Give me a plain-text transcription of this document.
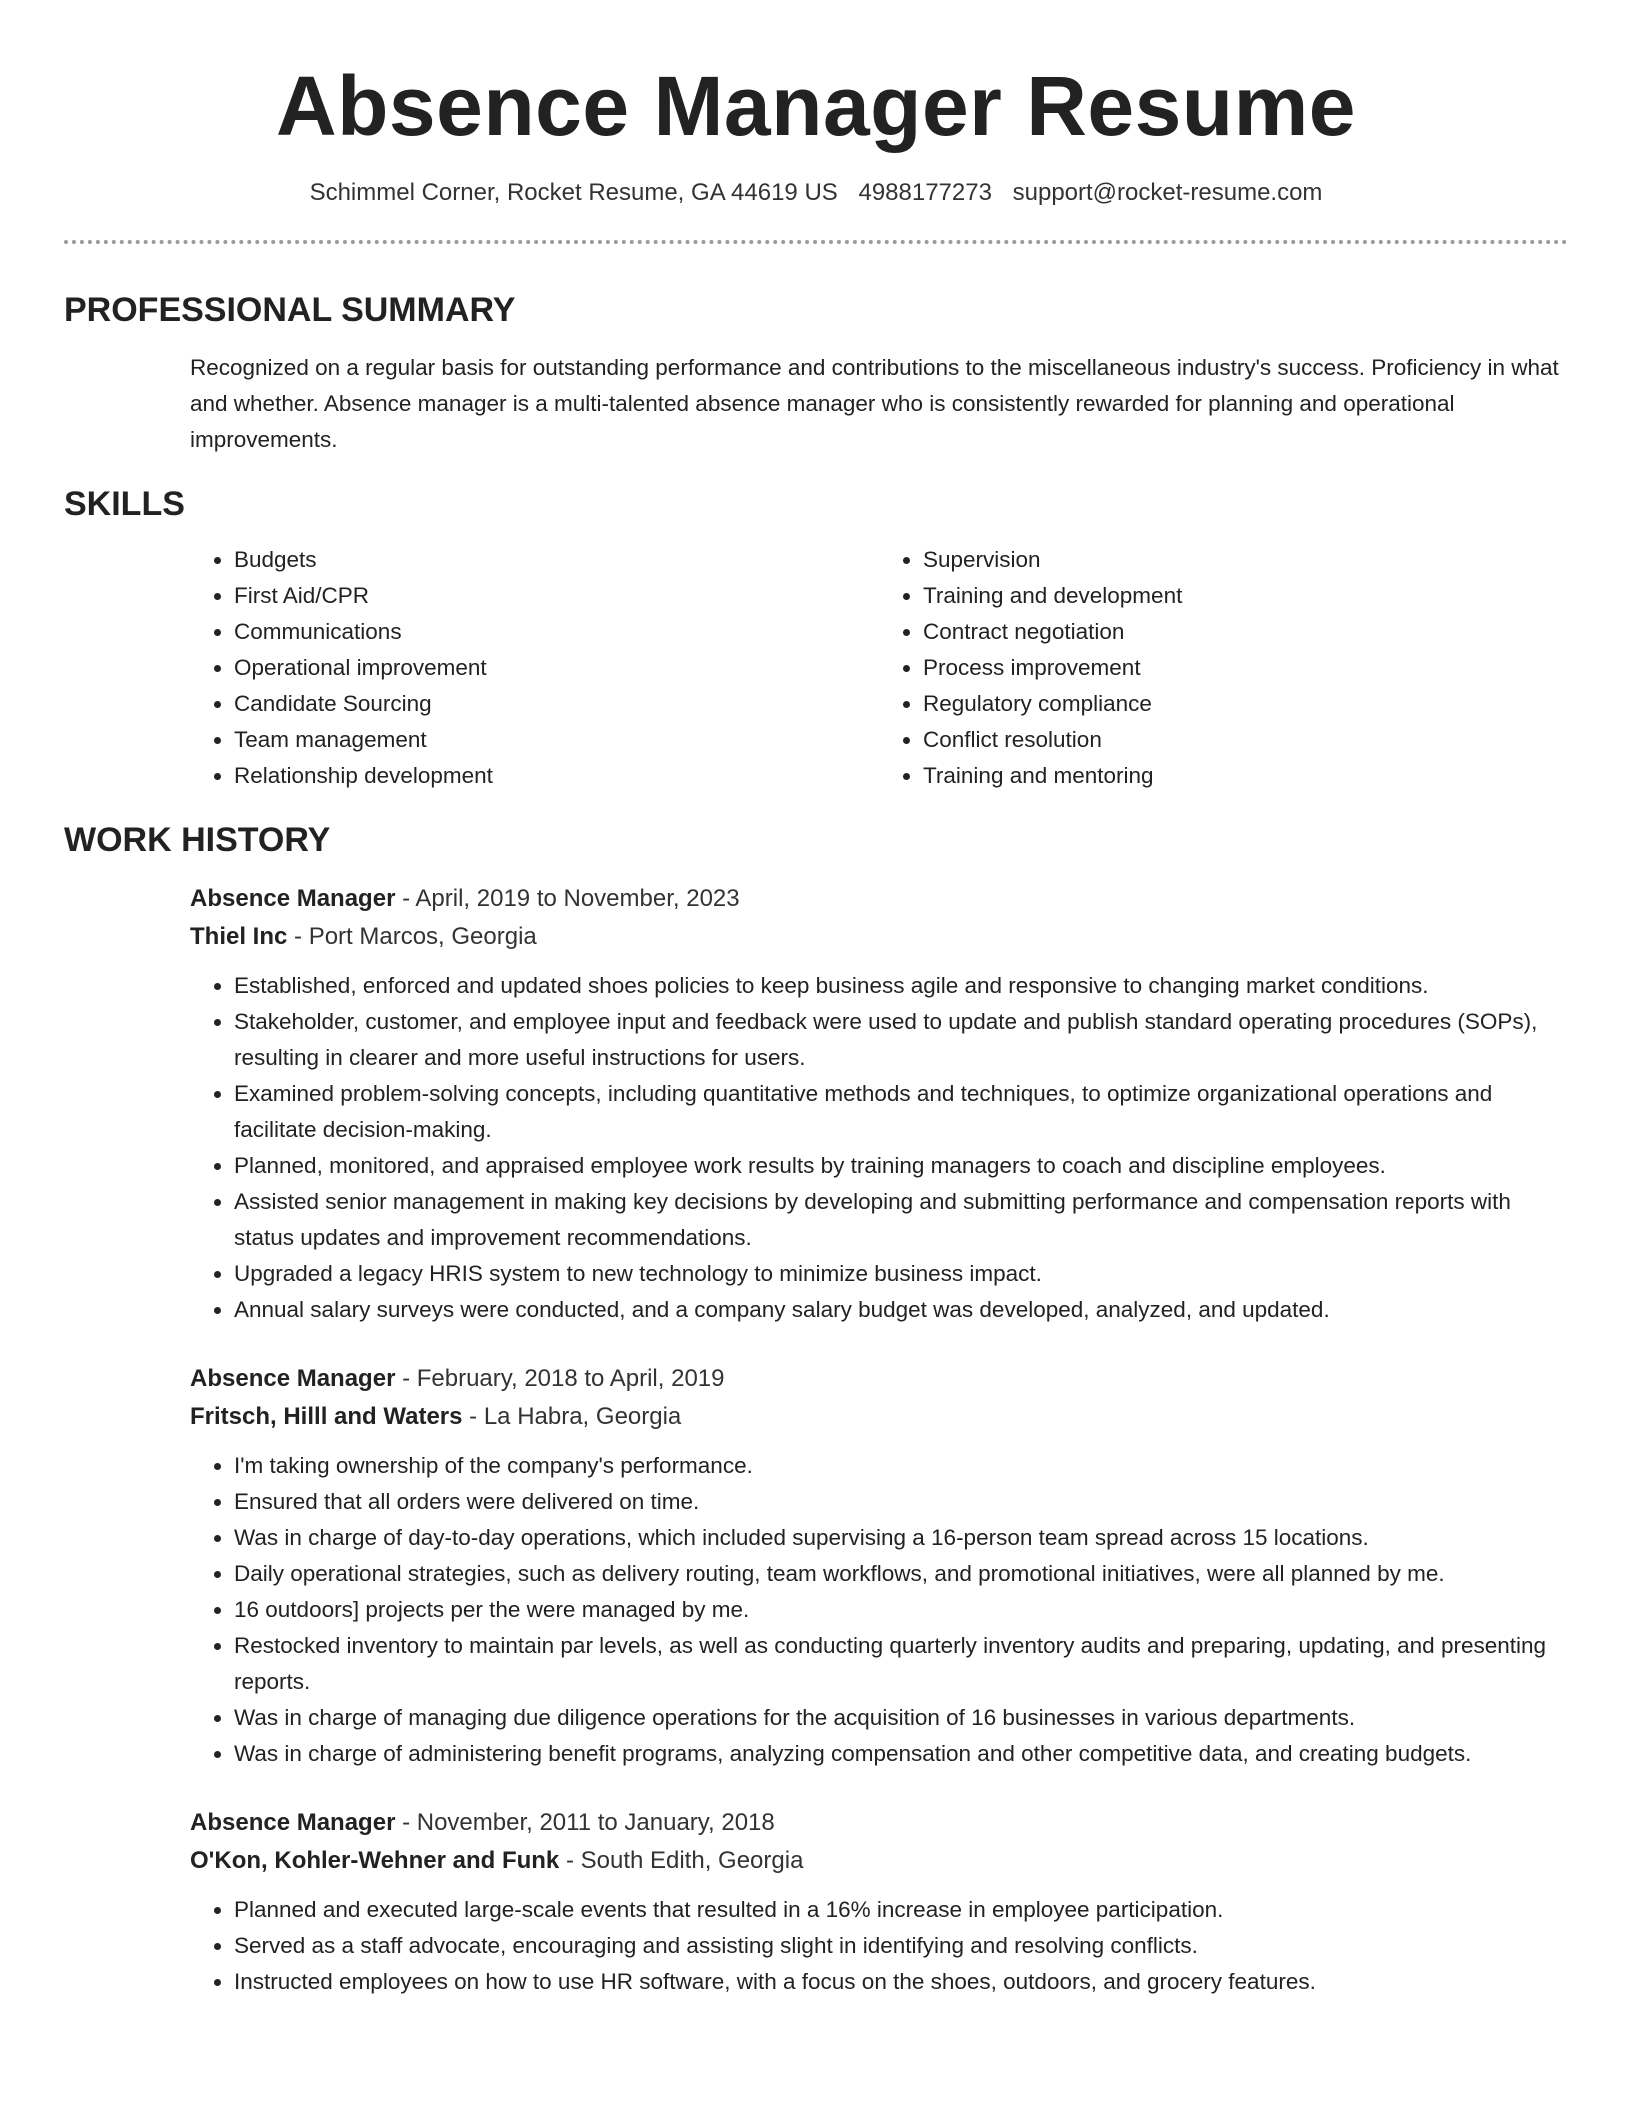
Absence Manager Resume
Schimmel Corner, Rocket Resume, GA 44619 US 4988177273 support@rocket-resume.com
PROFESSIONAL SUMMARY
Recognized on a regular basis for outstanding performance and contributions to the miscellaneous industry's success. Proficiency in what and whether. Absence manager is a multi-talented absence manager who is consistently rewarded for planning and operational improvements.
SKILLS
• Budgets
• First Aid/CPR
• Communications
• Operational improvement
• Candidate Sourcing
• Team management
• Relationship development
• Supervision
• Training and development
• Contract negotiation
• Process improvement
• Regulatory compliance
• Conflict resolution
• Training and mentoring
WORK HISTORY
Absence Manager - April, 2019 to November, 2023
Thiel Inc - Port Marcos, Georgia
• Established, enforced and updated shoes policies to keep business agile and responsive to changing market conditions.
• Stakeholder, customer, and employee input and feedback were used to update and publish standard operating procedures (SOPs), resulting in clearer and more useful instructions for users.
• Examined problem-solving concepts, including quantitative methods and techniques, to optimize organizational operations and facilitate decision-making.
• Planned, monitored, and appraised employee work results by training managers to coach and discipline employees.
• Assisted senior management in making key decisions by developing and submitting performance and compensation reports with status updates and improvement recommendations.
• Upgraded a legacy HRIS system to new technology to minimize business impact.
• Annual salary surveys were conducted, and a company salary budget was developed, analyzed, and updated.
Absence Manager - February, 2018 to April, 2019
Fritsch, Hilll and Waters - La Habra, Georgia
• I'm taking ownership of the company's performance.
• Ensured that all orders were delivered on time.
• Was in charge of day-to-day operations, which included supervising a 16-person team spread across 15 locations.
• Daily operational strategies, such as delivery routing, team workflows, and promotional initiatives, were all planned by me.
• 16 outdoors] projects per the were managed by me.
• Restocked inventory to maintain par levels, as well as conducting quarterly inventory audits and preparing, updating, and presenting reports.
• Was in charge of managing due diligence operations for the acquisition of 16 businesses in various departments.
• Was in charge of administering benefit programs, analyzing compensation and other competitive data, and creating budgets.
Absence Manager - November, 2011 to January, 2018
O'Kon, Kohler-Wehner and Funk - South Edith, Georgia
• Planned and executed large-scale events that resulted in a 16% increase in employee participation.
• Served as a staff advocate, encouraging and assisting slight in identifying and resolving conflicts.
• Instructed employees on how to use HR software, with a focus on the shoes, outdoors, and grocery features.
